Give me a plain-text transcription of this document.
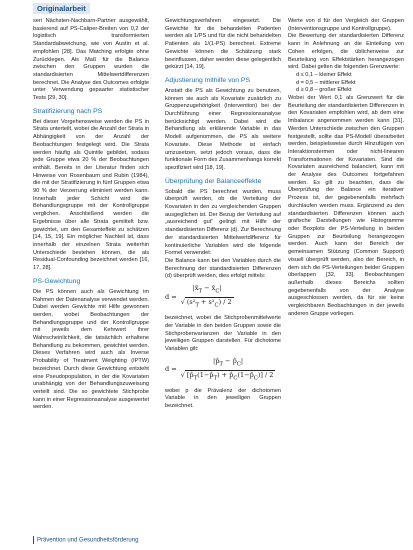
Originalarbeit

seri Nächsten-Nachbarn-Partner ausgewählt, basierend auf PS-Caliper-Breiten von 0,2 der logistisch transformierten Standardabweichung, wie von Austin et al. empfohlen [28]. Das Matching erfolgte ohne Zurücklegen. Als Maß für die Balance zwischen den Gruppen wurden die standardisierten Mittelwertdifferenzen berechnet. Die Analyse des Outcomes erfolgte unter Verwendung gepaarter statistischer Tests [29, 30].

Stratifizierung nach PS

Bei dieser Vorgehensweise werden die PS in Strata unterteilt, wobei die Anzahl der Strata in Abhängigkeit von der Anzahl der Beobachtungen festgelegt wird. Die Strata werden häufig als Quintile gebildet, sodass jede Gruppe etwa 20 % der Beobachtungen enthält. Bereits in der Literatur finden sich Hinweise von Rosenbaum und Rubin (1984), die mit der Stratifizierung in fünf Gruppen etwa 90 % der Verzerrung eliminiert werden kann. Innerhalb jeder Schicht wird die Behandlungsgruppe mit der Kontrollgruppe verglichen. Anschließend werden die Ergebnisse über alle Strata gemittelt bzw. gewichtet, um den Gesamteffekt zu schätzen [14, 15, 19]. Ein möglicher Nachteil ist, dass innerhalb der einzelnen Strata weiterhin Unterschiede bestehen können, die als Residual-Confounding bezeichnet werden [16, 17, 28].

PS-Gewichtung

Die PS können auch als Gewichtung im Rahmen der Datenanalyse verwendet werden. Dabei werden Gewichte mit Hilfe gewonnen werden, wobei Beobachtungen der Behandlungsgruppe und der Kontrollgruppe mit jeweils dem Kehrwert ihrer Wahrscheinlichkeit, die tatsächlich erhaltene Behandlung zu bekommen, gewichtet werden. Dieses Verfahren wird auch als Inverse Probability of Treatment Weighting (IPTW) bezeichnet. Durch diese Gewichtung entsteht eine Pseudopopulation, in der die Kovariaten unabhängig von der Behandlungszuweisung verteilt sind. Die so gewichtete Stichprobe kann in einer Regressionsanalyse ausgewertet werden.

Gewichtungsverfahren eingesetzt. Die Gewichte für die behandelten Patienten werden als 1/PS und für die nicht behandelten Patienten als 1/(1-PS) berechnet. Extreme Gewichte können die Schätzung stark beeinflussen, daher werden diese gelegentlich gekürzt [14, 19].

Adjustierung mithilfe von PS

Anstatt die PS als Gewichtung zu benutzen, können sie auch als Kovariate zusätzlich zu Gruppenzugehörigkeit (Intervention) bei der Durchführung einer Regressionsanalyse berücksichtigt werden. Dabei wird die Behandlung als erklärende Variable in das Modell aufgenommen, die PS als weitere Kovariate. Diese Methode ist einfach umzusetzen, setzt jedoch voraus, dass die funktionale Form des Zusammenhangs korrekt spezifiziert wird [18, 19].

Überprüfung der Balanceeffekte

Sobald die PS berechnet wurden, muss überprüft werden, ob die Verteilung der Kovariaten in den zu vergleichenden Gruppen ausgeglichen ist. Der Bezug der Verteilung auf „ausreichend gut“ gelingt mit Hilfe der standardisierten Differenz (d). Zur Berechnung der standardisierten Mittelwertdifferenz für kontinuierliche Variablen wird die folgende Formel verwendet:

Die Balance kann bei den Variablen durch die Berechnung der standardisierten Differenzen (d) überprüft werden, dies erfolgt mittels:

$d = \frac{|x̄_T - x̄_C|}{√ (s^2_T + s^2_C) / 2}$

bezeichnet, wobei die Stichprobenmittelwerte der Variable in den beiden Gruppen sowie die Stichprobenvarianzen der Variable in den jeweiligen Gruppen darstellen. Für dichotome Variablen gilt:

$d = \frac{|p̂_T - p̂_C|}{√ [p̂_T(1-p̂_T) + p̂_C(1-p̂_C)] / 2}$

wobei p die Prävalenz der dichotomen Variable in den jeweiligen Gruppen bezeichnet.

Werte von d für den Vergleich der Gruppen (Interventionsgruppe und Kontrollgruppe).

Die Bewertung der standardisierten Differenz kann in Anlehnung an die Einteilung von Cohen erfolgen, die üblicherweise zur Beurteilung von Effektstärken herangezogen wird. Dabei gelten die folgenden Grenzwerte:

d ≤ 0,1 – kleiner Effekt
d = 0,5 – mittlerer Effekt
d ≥ 0,8 – großer Effekt

Wobei der Wert 0,1 als Grenzwert für die Beurteilung der standardisierten Differenzen in den Kovariaten empfohlen wird, ab dem eine Imbalance angenommen werden kann [31]. Werden Unterschiede zwischen den Gruppen festgestellt, sollte das PS-Modell überarbeitet werden, beispielsweise durch Hinzufügen von Interaktionstermen oder nicht-linearen Transformationen der Kovariaten. Sind die Kovariaten ausreichend balanciert, kann mit der Analyse des Outcomes fortgefahren werden. Es gilt zu beachten, dass die Überprüfung der Balance ein iterativer Prozess ist, der gegebenenfalls mehrfach durchlaufen werden muss. Ergänzend zu den standardisierten Differenzen können auch grafische Darstellungen wie Histogramme oder Boxplots der PS-Verteilung in beiden Gruppen zur Beurteilung herangezogen werden. Auch kann der Bereich der gemeinsamen Stützung (Common Support) visuell überprüft werden, also der Bereich, in dem sich die PS-Verteilungen beider Gruppen überlappen [32, 33]. Beobachtungen außerhalb dieses Bereichs sollten gegebenenfalls von der Analyse ausgeschlossen werden, da für sie keine vergleichbaren Beobachtungen in der jeweils anderen Gruppe vorliegen.

Prävention und Gesundheitsförderung
